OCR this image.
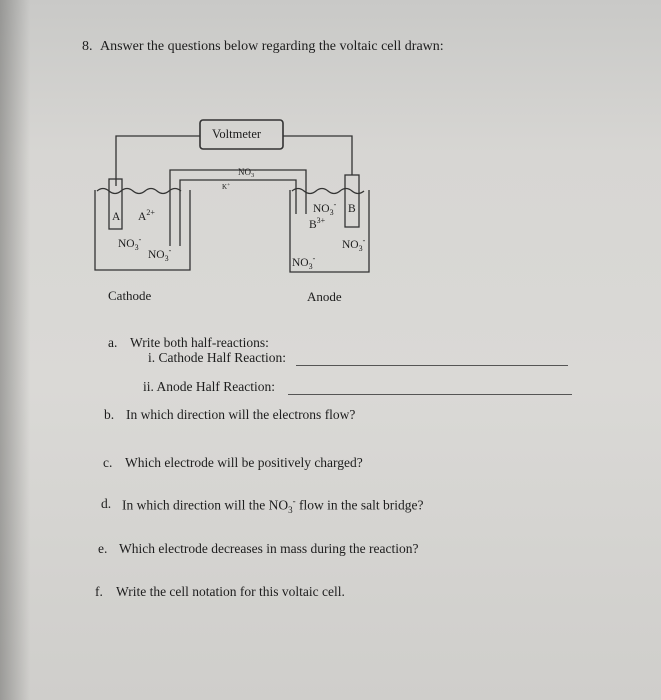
8. Answer the questions below regarding the voltaic cell drawn:
Voltmeter
$NO_3^-$
K+
A $A^{2+}$
$NO_3^-$
$NO_3^-$
$NO_3^-$ B
$B^{3+}$
$NO_3^-$
$NO_3^-$
Cathode	Anode
a. Write both half-reactions:
i. Cathode Half Reaction:
ii. Anode Half Reaction:
b. In which direction will the electrons flow?
c. Which electrode will be positively charged?
d. In which direction will the $NO_3^-$ flow in the salt bridge?
e. Which electrode decreases in mass during the reaction?
f. Write the cell notation for this voltaic cell.
